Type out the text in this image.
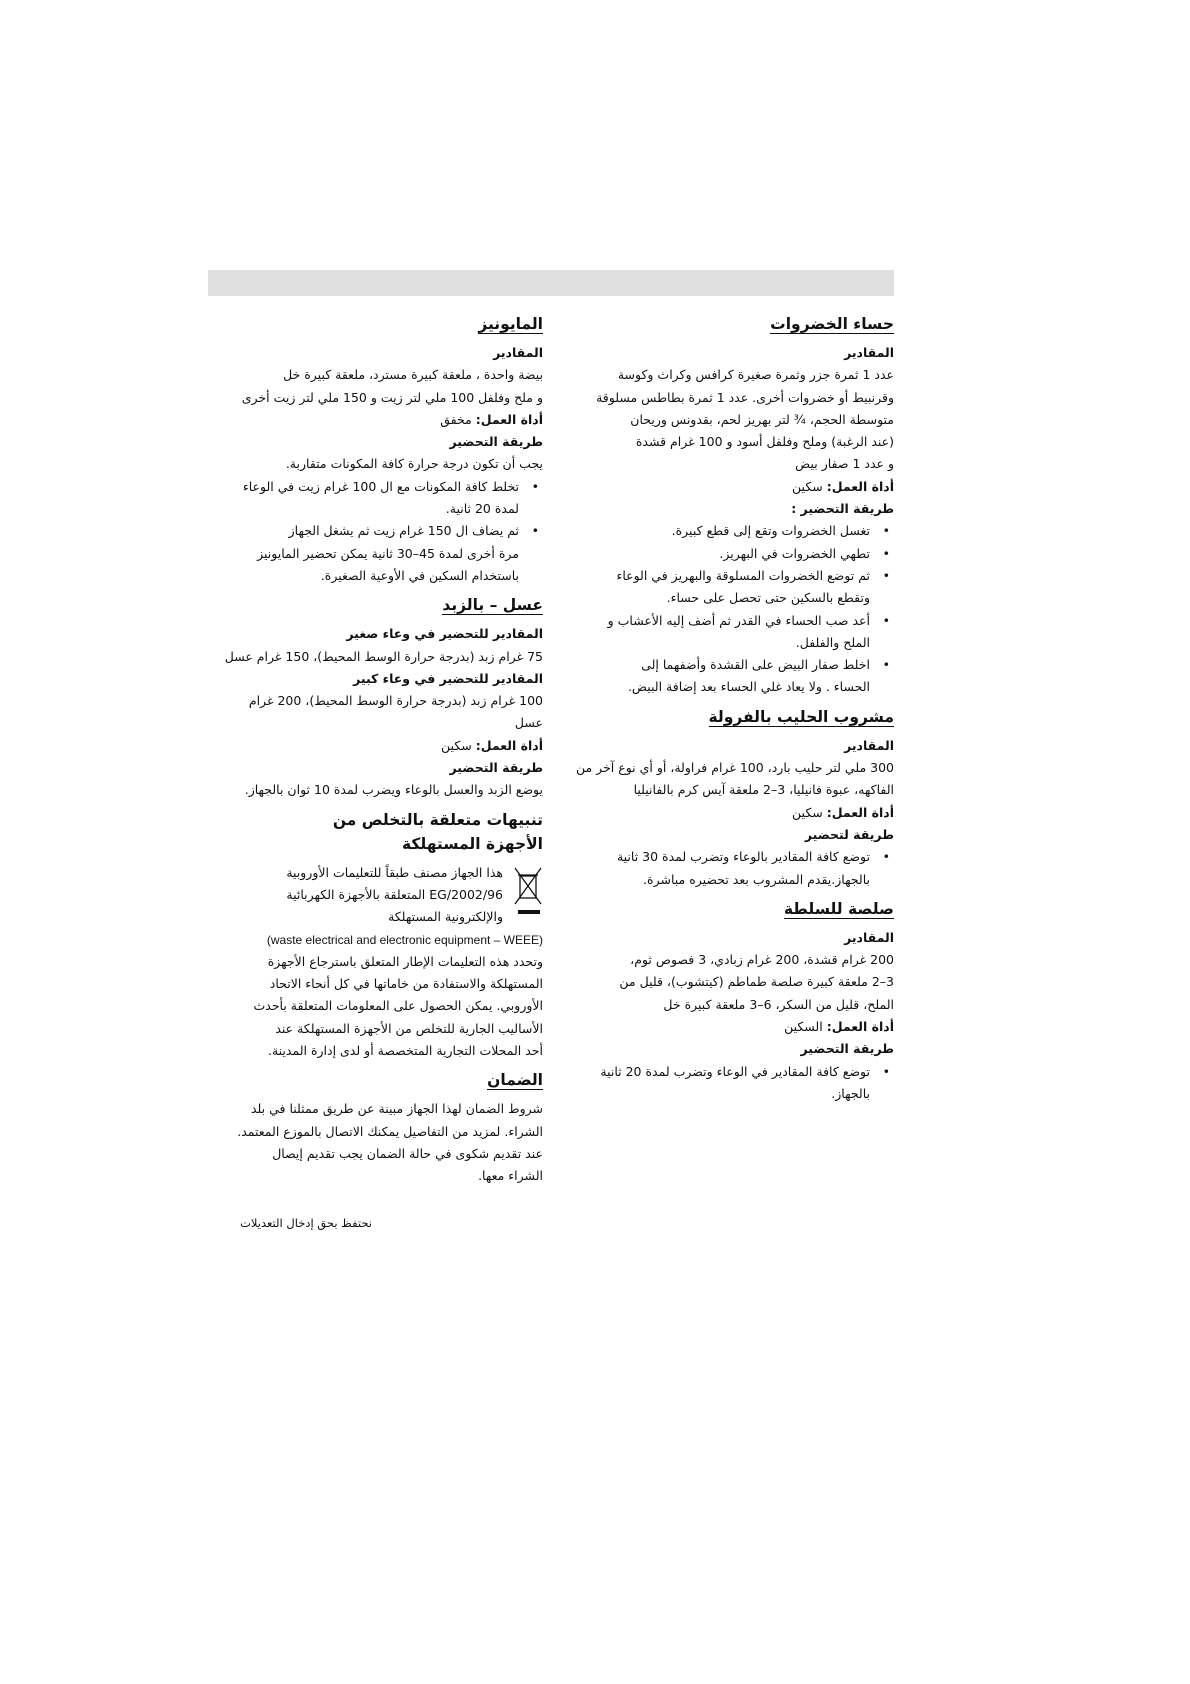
حساء الخضروات
المقادير
عدد 1 ثمرة جزر وثمرة صغيرة كرافس وكراث وكوسة
وقرنبيط أو خضروات أخرى. عدد 1 ثمرة بطاطس مسلوقة
متوسطة الحجم، ¾ لتر بهريز لحم، بقدونس وريحان
(عند الرغبة) وملح وفلفل أسود و 100 غرام قشدة
و عدد 1 صفار بيض
أداة العمل: سكين
طريقة التحضير :
•
تغسل الخضروات وتقع إلى قطع كبيرة.
•
تطهي الخضروات في البهريز.
•
ثم توضع الخضروات المسلوقة والبهريز في الوعاء
وتقطع بالسكين حتى تحصل على حساء.
•
أعد صب الحساء في القدر ثم أضف إليه الأعشاب و
الملح والفلفل.
•
اخلط صفار البيض على القشدة وأضفهما إلى
الحساء . ولا يعاد غلي الحساء بعد إضافة البيض.
مشروب الحليب بالفرولة
المقادير
300 ملي لتر حليب بارد، 100 غرام فراولة، أو أي نوع آخر من
الفاكهه، عبوة فانيليا، 3–2 ملعقة آيس كرم بالفانيليا
أداة العمل: سكين
طريقة لتحضير
•
توضع كافة المقادير بالوعاء وتضرب لمدة 30 ثانية
بالجهاز.يقدم المشروب بعد تحضيره مباشرة.
صلصة للسلطة
المقادير
200 غرام قشدة، 200 غرام زبادي، 3 فصوص ثوم،
3–2 ملعقة كبيرة صلصة طماطم (كيتشوب)، قليل من
الملح، قليل من السكر، 6–3 ملعقة كبيرة خل
أداة العمل: السكين
طريقة التحضير
•
توضع كافة المقادير في الوعاء وتضرب لمدة 20 ثانية
بالجهاز.
المايونيز
المقادير
بيضة واحدة ، ملعقة كبيرة مسترد، ملعقة كبيرة خل
و ملح وفلفل 100 ملي لتر زيت و 150 ملي لتر زيت أخرى
أداة العمل: مخفق
طريقة التحضير
يجب أن تكون درجة حرارة كافة المكونات متقاربة.
•
تخلط كافة المكونات مع ال 100 غرام زيت في الوعاء
لمدة 20 ثانية.
•
ثم يضاف ال 150 غرام زيت ثم يشغل الجهاز
مرة أخرى لمدة 45–30 ثانية يمكن تحضير المايونيز
باستخدام السكين في الأوعية الصغيرة.
عسل – بالزبد
المقادير للتحضير في وعاء صغير
75 غرام زبد (بدرجة حرارة الوسط المحيط)، 150 غرام عسل
المقادير للتحضير في وعاء كبير
100 غرام زبد (بدرجة حرارة الوسط المحيط)، 200 غرام
عسل
أداة العمل: سكين
طريقة التحضير
يوضع الزبد والعسل بالوعاء ويضرب لمدة 10 ثوان بالجهاز.
تنبيهات متعلقة بالتخلص من
الأجهزة المستهلكة
هذا الجهاز مصنف طبقاً للتعليمات الأوروبية
2002/96/EG المتعلقة بالأجهزة الكهربائية
والإلكترونية المستهلكة
(waste electrical and electronic equipment – WEEE)
وتحدد هذه التعليمات الإطار المتعلق باسترجاع الأجهزة
المستهلكة والاستفادة من خاماتها في كل أنحاء الاتحاد
الأوروبي. يمكن الحصول على المعلومات المتعلقة بأحدث
الأساليب الجارية للتخلص من الأجهزة المستهلكة عند
أحد المحلات التجارية المتخصصة أو لدى إدارة المدينة.
الضمان
شروط الضمان لهذا الجهاز مبينة عن طريق ممثلنا في بلد
الشراء. لمزيد من التفاصيل يمكنك الاتصال بالموزع المعتمد.
عند تقديم شكوى في حالة الضمان يجب تقديم إيصال
الشراء معها.
نحتفظ بحق إدخال التعديلات
